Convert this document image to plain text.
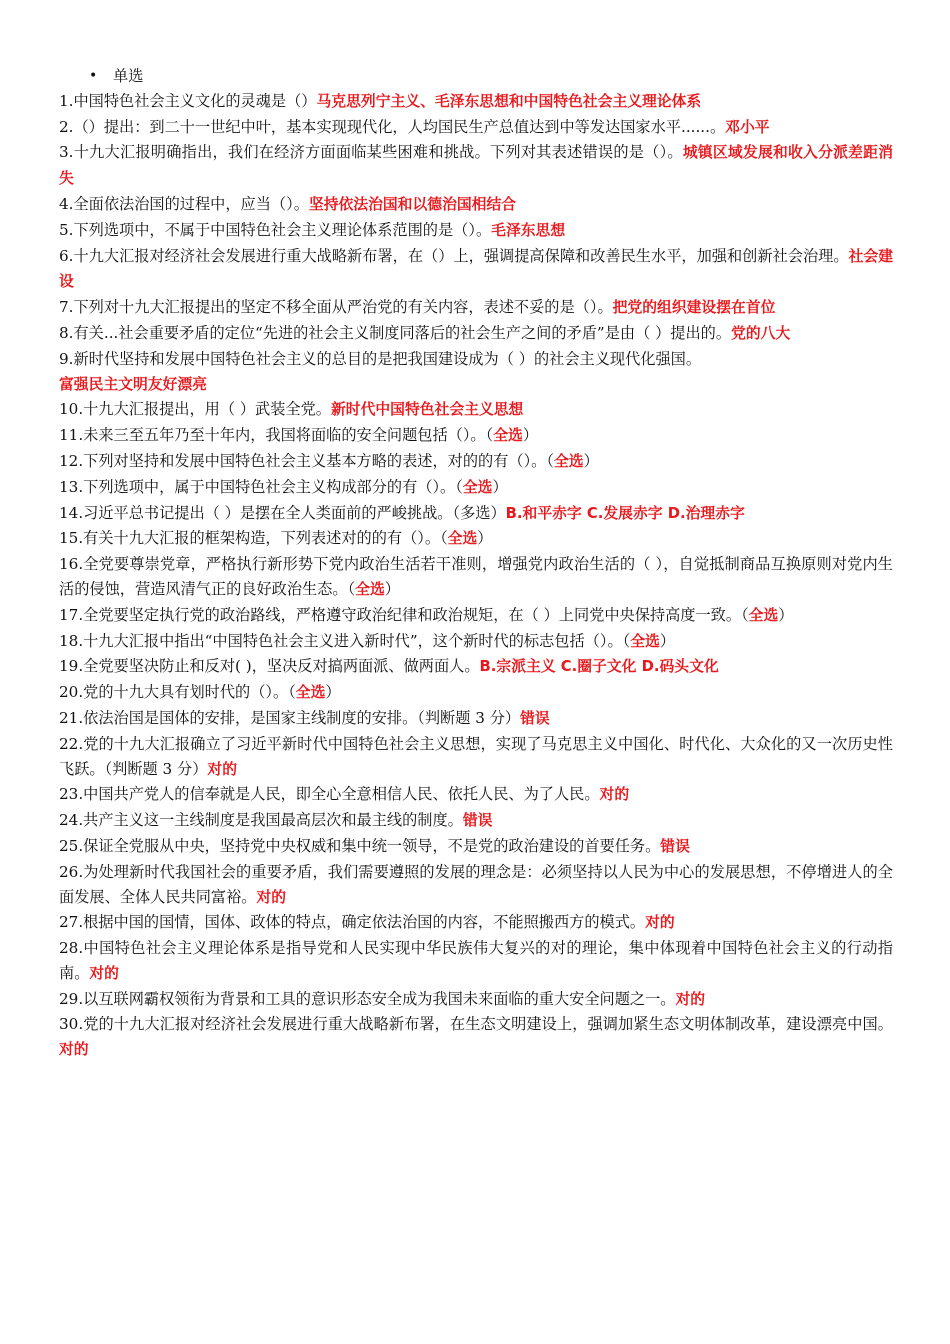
• 单选

1.中国特色社会主义文化的灵魂是（）马克思列宁主义、毛泽东思想和中国特色社会主义理论体系

2.（）提出：到二十一世纪中叶，基本实现现代化，人均国民生产总值达到中等发达国家水平......。邓小平

3.十九大汇报明确指出，我们在经济方面面临某些困难和挑战。下列对其表述错误的是（）。城镇区域发展和收入分派差距消失

4.全面依法治国的过程中，应当（）。坚持依法治国和以德治国相结合

5.下列选项中，不属于中国特色社会主义理论体系范围的是（）。毛泽东思想

6.十九大汇报对经济社会发展进行重大战略新布署，在（）上，强调提高保障和改善民生水平，加强和创新社会治理。社会建设

7.下列对十九大汇报提出的坚定不移全面从严治党的有关内容，表述不妥的是（）。把党的组织建设摆在首位

8.有关...社会重要矛盾的定位“先进的社会主义制度同落后的社会生产之间的矛盾”是由（ ）提出的。党的八大

9.新时代坚持和发展中国特色社会主义的总目的是把我国建设成为（ ）的社会主义现代化强国。
富强民主文明友好漂亮

10.十九大汇报提出，用（ ）武装全党。新时代中国特色社会主义思想

11.未来三至五年乃至十年内，我国将面临的安全问题包括（）。（全选）

12.下列对坚持和发展中国特色社会主义基本方略的表述，对的的有（）。（全选）

13.下列选项中，属于中国特色社会主义构成部分的有（）。（全选）

14.习近平总书记提出（ ）是摆在全人类面前的严峻挑战。（多选）B.和平赤字 C.发展赤字 D.治理赤字

15.有关十九大汇报的框架构造，下列表述对的的有（）。（全选）

16.全党要尊崇党章，严格执行新形势下党内政治生活若干准则，增强党内政治生活的（ ），自觉抵制商品互换原则对党内生活的侵蚀，营造风清气正的良好政治生态。（全选）

17.全党要坚定执行党的政治路线，严格遵守政治纪律和政治规矩，在（ ）上同党中央保持高度一致。（全选）

18.十九大汇报中指出“中国特色社会主义进入新时代”，这个新时代的标志包括（）。（全选）

19.全党要坚决防止和反对( )，坚决反对搞两面派、做两面人。B.宗派主义 C.圈子文化 D.码头文化

20.党的十九大具有划时代的（）。（全选）

21.依法治国是国体的安排，是国家主线制度的安排。（判断题 3 分）错误

22.党的十九大汇报确立了习近平新时代中国特色社会主义思想，实现了马克思主义中国化、时代化、大众化的又一次历史性飞跃。（判断题 3 分）对的

23.中国共产党人的信奉就是人民，即全心全意相信人民、依托人民、为了人民。对的

24.共产主义这一主线制度是我国最高层次和最主线的制度。错误

25.保证全党服从中央，坚持党中央权威和集中统一领导，不是党的政治建设的首要任务。错误

26.为处理新时代我国社会的重要矛盾，我们需要遵照的发展的理念是：必须坚持以人民为中心的发展思想，不停增进人的全面发展、全体人民共同富裕。对的

27.根据中国的国情，国体、政体的特点，确定依法治国的内容，不能照搬西方的模式。对的

28.中国特色社会主义理论体系是指导党和人民实现中华民族伟大复兴的对的理论，集中体现着中国特色社会主义的行动指南。对的

29.以互联网霸权领衔为背景和工具的意识形态安全成为我国未来面临的重大安全问题之一。对的

30.党的十九大汇报对经济社会发展进行重大战略新布署，在生态文明建设上，强调加紧生态文明体制改革，建设漂亮中国。对的
